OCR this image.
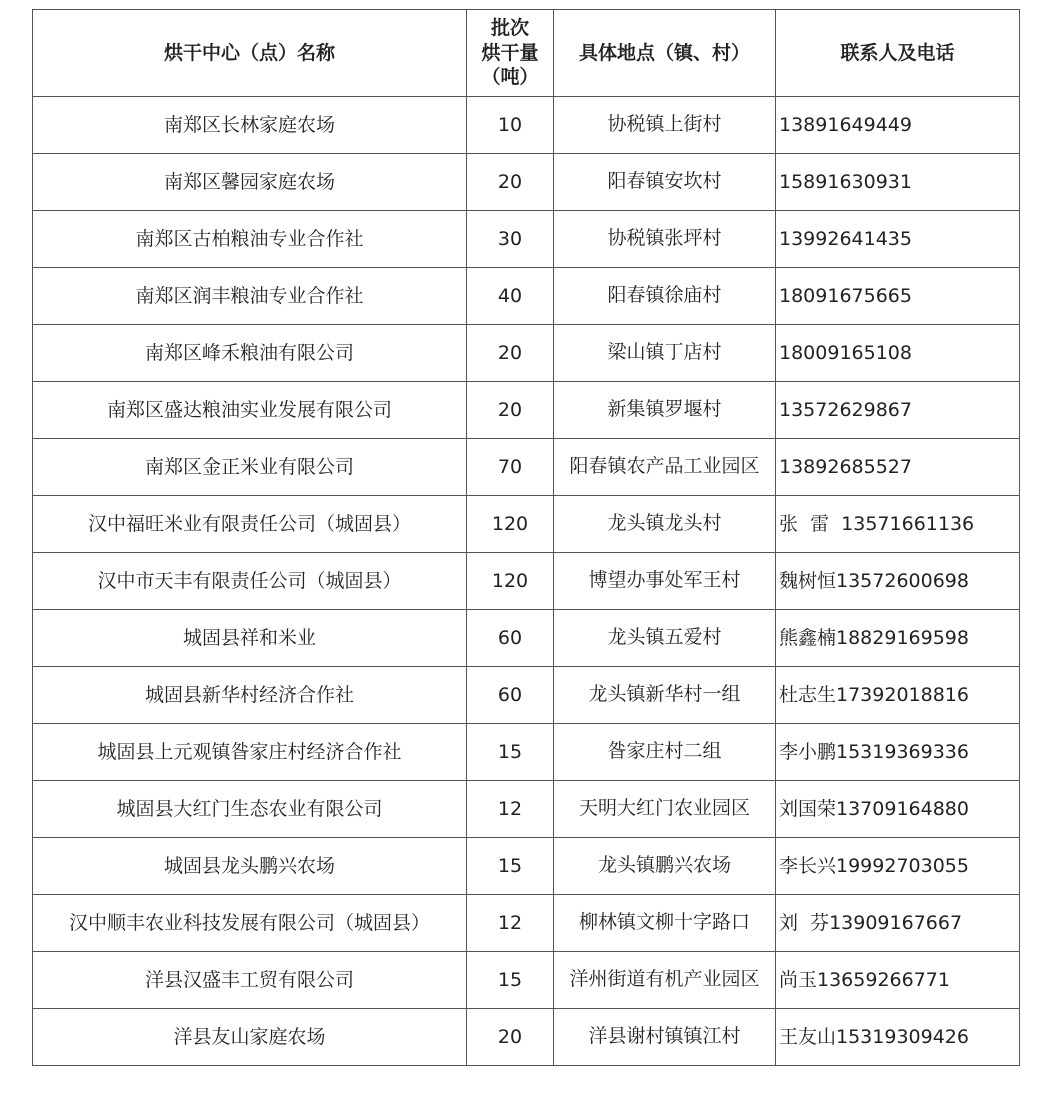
烘干中心（点）名称	批次
烘干量
（吨）	具体地点（镇、村）	联系人及电话
南郑区长林家庭农场	10	协税镇上街村	13891649449
南郑区馨园家庭农场	20	阳春镇安坎村	15891630931
南郑区古柏粮油专业合作社	30	协税镇张坪村	13992641435
南郑区润丰粮油专业合作社	40	阳春镇徐庙村	18091675665
南郑区峰禾粮油有限公司	20	梁山镇丁店村	18009165108
南郑区盛达粮油实业发展有限公司	20	新集镇罗堰村	13572629867
南郑区金正米业有限公司	70	阳春镇农产品工业园区	13892685527
汉中福旺米业有限责任公司（城固县）	120	龙头镇龙头村	张  雷  13571661136
汉中市天丰有限责任公司（城固县）	120	博望办事处军王村	魏树恒13572600698
城固县祥和米业	60	龙头镇五爱村	熊鑫楠18829169598
城固县新华村经济合作社	60	龙头镇新华村一组	杜志生17392018816
城固县上元观镇昝家庄村经济合作社	15	昝家庄村二组	李小鹏15319369336
城固县大红门生态农业有限公司	12	天明大红门农业园区	刘国荣13709164880
城固县龙头鹏兴农场	15	龙头镇鹏兴农场	李长兴19992703055
汉中顺丰农业科技发展有限公司（城固县）	12	柳林镇文柳十字路口	刘  芬13909167667
洋县汉盛丰工贸有限公司	15	洋州街道有机产业园区	尚玉13659266771
洋县友山家庭农场	20	洋县谢村镇镇江村	王友山15319309426
